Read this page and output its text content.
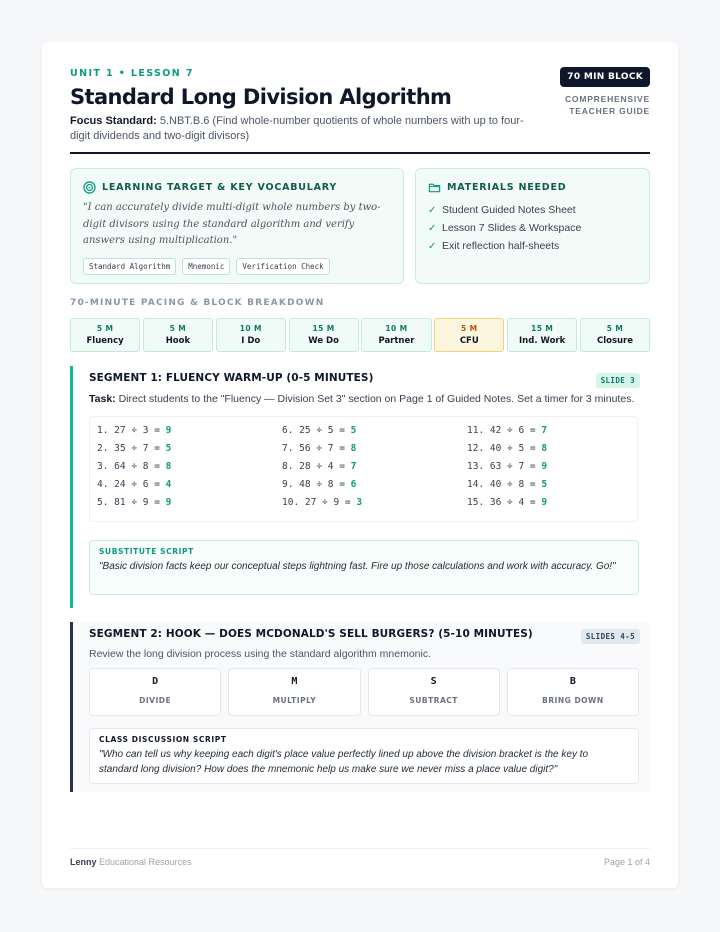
UNIT 1 • LESSON 7
Standard Long Division Algorithm
Focus Standard: 5.NBT.B.6 (Find whole-number quotients of whole numbers with up to four-digit dividends and two-digit divisors)
70 MIN BLOCK
COMPREHENSIVE
TEACHER GUIDE
LEARNING TARGET & KEY VOCABULARY
"I can accurately divide multi-digit whole numbers by two-digit divisors using the standard algorithm and verify answers using multiplication."
Standard Algorithm	Mnemonic	Verification Check
MATERIALS NEEDED
✓ Student Guided Notes Sheet
✓ Lesson 7 Slides & Workspace
✓ Exit reflection half-sheets
70-MINUTE PACING & BLOCK BREAKDOWN
5 M
Fluency
5 M
Hook
10 M
I Do
15 M
We Do
10 M
Partner
5 M
CFU
15 M
Ind. Work
5 M
Closure
SEGMENT 1: FLUENCY WARM-UP (0-5 MINUTES)	SLIDE 3
Task: Direct students to the "Fluency — Division Set 3" section on Page 1 of Guided Notes. Set a timer for 3 minutes.
1. 27 ÷ 3 = 9
2. 35 ÷ 7 = 5
3. 64 ÷ 8 = 8
4. 24 ÷ 6 = 4
5. 81 ÷ 9 = 9
6. 25 ÷ 5 = 5
7. 56 ÷ 7 = 8
8. 28 ÷ 4 = 7
9. 48 ÷ 8 = 6
10. 27 ÷ 9 = 3
11. 42 ÷ 6 = 7
12. 40 ÷ 5 = 8
13. 63 ÷ 7 = 9
14. 40 ÷ 8 = 5
15. 36 ÷ 4 = 9
SUBSTITUTE SCRIPT
"Basic division facts keep our conceptual steps lightning fast. Fire up those calculations and work with accuracy. Go!"
SEGMENT 2: HOOK — DOES MCDONALD'S SELL BURGERS? (5-10 MINUTES)	SLIDES 4-5
Review the long division process using the standard algorithm mnemonic.
D
DIVIDE
M
MULTIPLY
S
SUBTRACT
B
BRING DOWN
CLASS DISCUSSION SCRIPT
"Who can tell us why keeping each digit's place value perfectly lined up above the division bracket is the key to standard long division? How does the mnemonic help us make sure we never miss a place value digit?"
Lenny Educational Resources	Page 1 of 4
